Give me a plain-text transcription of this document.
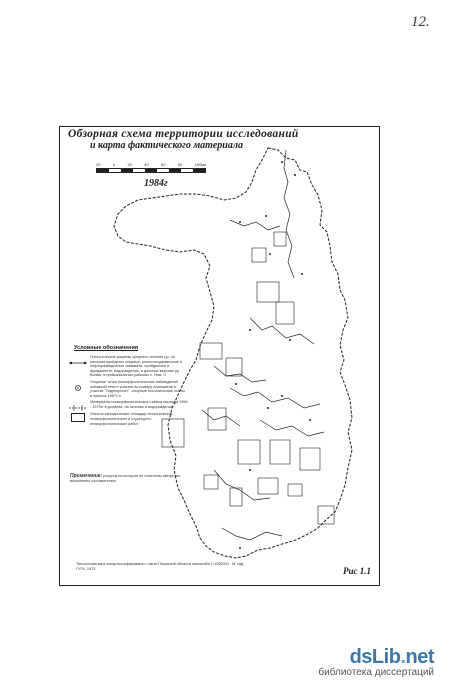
12.
Обзорная схема территории исследований
и карта фактического материала
20	0	20	40	60	80	100км
1984г
Условные обозначения
Геологические разрезы среднего течения рр, по которым пройдены опорные, рекогносцировочные и нефтеразведочные скважины, пройденные в фундаменте, водоразделах, в долинах верхних рр Колвы, в привокзальных районах с. Ниж. Ч
Опорные точки геоморфологических наблюдений основной сети и участки по номеру планшетов и участки "Гидропроект", опорные геологические листы, в пунктах 1967г и
Материалы геоморфологических съёмок периода 1956 - 1979гг в долинах, на склонах и водоразделах
Опытно-методические площади геологических, геоморфологических и структурно-геоморфологических работ
Примечание: рисунок на котором не отмечены авторство, выполнены составителем
Топооснова карт сокартографирована с части Пермской области масштаба 1:1000000 - М, изд ГУГК, 1973.	Рис 1.1
dsLib.net
библиотека диссертаций
